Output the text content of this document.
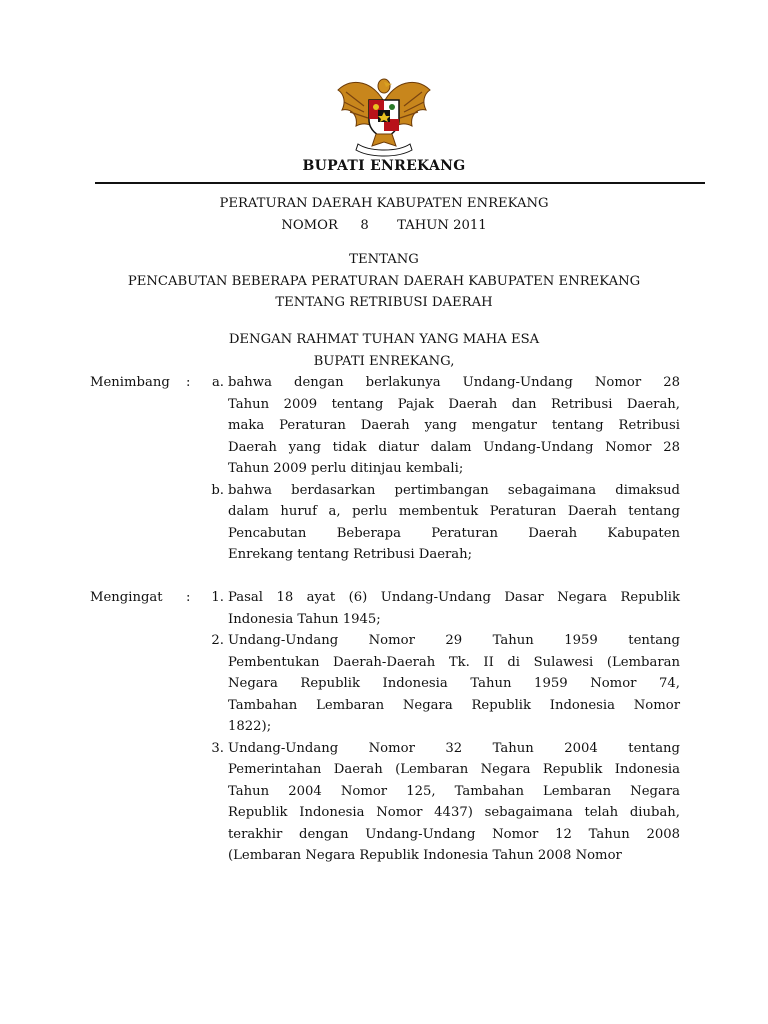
BUPATI ENREKANG
PERATURAN DAERAH KABUPATEN ENREKANG
NOMOR 8 TAHUN 2011
TENTANG
PENCABUTAN BEBERAPA PERATURAN DAERAH KABUPATEN ENREKANG
TENTANG RETRIBUSI DAERAH
DENGAN RAHMAT TUHAN YANG MAHA ESA
BUPATI ENREKANG,
Menimbang	:	a. bahwa dengan berlakunya Undang-Undang Nomor 28
Tahun 2009 tentang Pajak Daerah dan Retribusi Daerah,
maka Peraturan Daerah yang mengatur tentang Retribusi
Daerah yang tidak diatur dalam Undang-Undang Nomor 28
Tahun 2009 perlu ditinjau kembali;
b. bahwa berdasarkan pertimbangan sebagaimana dimaksud
dalam huruf a, perlu membentuk Peraturan Daerah tentang
Pencabutan Beberapa Peraturan Daerah Kabupaten
Enrekang tentang Retribusi Daerah;
Mengingat	:	1. Pasal 18 ayat (6) Undang-Undang Dasar Negara Republik
Indonesia Tahun 1945;
2. Undang-Undang Nomor 29 Tahun 1959 tentang
Pembentukan Daerah-Daerah Tk. II di Sulawesi (Lembaran
Negara Republik Indonesia Tahun 1959 Nomor 74,
Tambahan Lembaran Negara Republik Indonesia Nomor
1822);
3. Undang-Undang Nomor 32 Tahun 2004 tentang
Pemerintahan Daerah (Lembaran Negara Republik Indonesia
Tahun 2004 Nomor 125, Tambahan Lembaran Negara
Republik Indonesia Nomor 4437) sebagaimana telah diubah,
terakhir dengan Undang-Undang Nomor 12 Tahun 2008
(Lembaran Negara Republik Indonesia Tahun 2008 Nomor
